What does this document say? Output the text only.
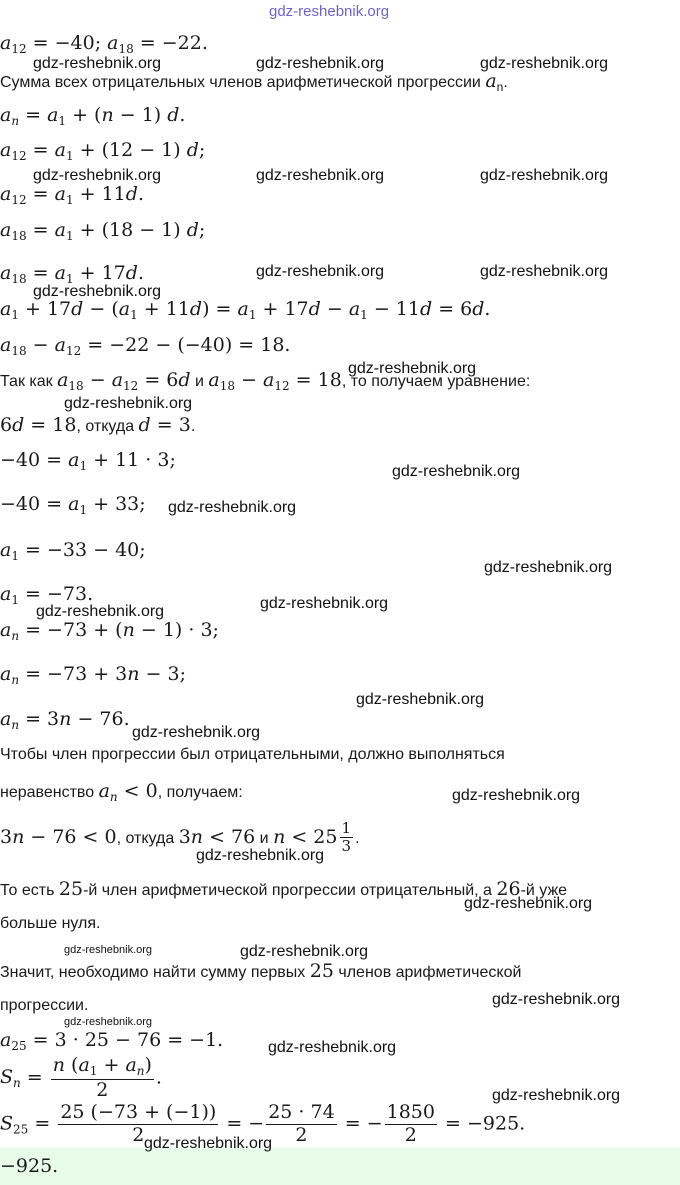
gdz-reshebnik.org
$a_{12} = -40$; $a_{18} = -22$.
Сумма всех отрицательных членов арифметической прогрессии $a_n$.
$a_n = a_1 + (n - 1)$ d.
$a_{12} = a_1 + (12 - 1)$ d;
$a_{12} = a_1 + 11d$.
$a_{18} = a_1 + (18 - 1)$ d;
$a_{18} = a_1 + 17d$.
$a_1 + 17d - (a_1 + 11d) = a_1 + 17d - a_1 - 11d = 6d$.
$a_{18} - a_{12} = -22 - (-40) = 18$.
Так как $a_{18} - a_{12} = 6d$ и $a_{18} - a_{12} = 18$, то получаем уравнение:
6d = 18, откуда d = 3.
$-40 = a_1 + 11 \cdot 3$;
$-40 = a_1 + 33$;
$a_1 = -33 - 40$;
$a_1 = -73$.
$a_n = -73 + (n - 1) \cdot 3$;
$a_n = -73 + 3n - 3$;
$a_n = 3n - 76$.
Чтобы член прогрессии был отрицательными, должно выполняться
неравенство $a_n < 0$, получаем:
3n − 76 < 0, откуда 3n < 76 и $n < 25 \frac{1}{3}$ .
То есть 25-й член арифметической прогрессии отрицательный, а 26-й уже
больше нуля.
Значит, необходимо найти сумму первых 25 членов арифметической
прогрессии.
$a_{25} = 3 \cdot 25 - 76 = -1$.
$S_n = \frac{n (a_1 + a_n)}{2}$ .
$S_{25} = \frac{25 (-73 + (-1))}{2}$ = − $\frac{25 \cdot 74}{2}$ = − $\frac{1850}{2} = -925$.
−925.
gdz-reshebnik.org	gdz-reshebnik.org	gdz-reshebnik.org
gdz-reshebnik.org	gdz-reshebnik.org	gdz-reshebnik.org
gdz-reshebnik.org	gdz-reshebnik.org
gdz-reshebnik.org
gdz-reshebnik.org
gdz-reshebnik.org
gdz-reshebnik.org
gdz-reshebnik.org
gdz-reshebnik.org
gdz-reshebnik.org
gdz-reshebnik.org
gdz-reshebnik.org
gdz-reshebnik.org
gdz-reshebnik.org
gdz-reshebnik.org
gdz-reshebnik.org
gdz-reshebnik.org	gdz-reshebnik.org
gdz-reshebnik.org
gdz-reshebnik.org
gdz-reshebnik.org
gdz-reshebnik.org
gdz-reshebnik.org
